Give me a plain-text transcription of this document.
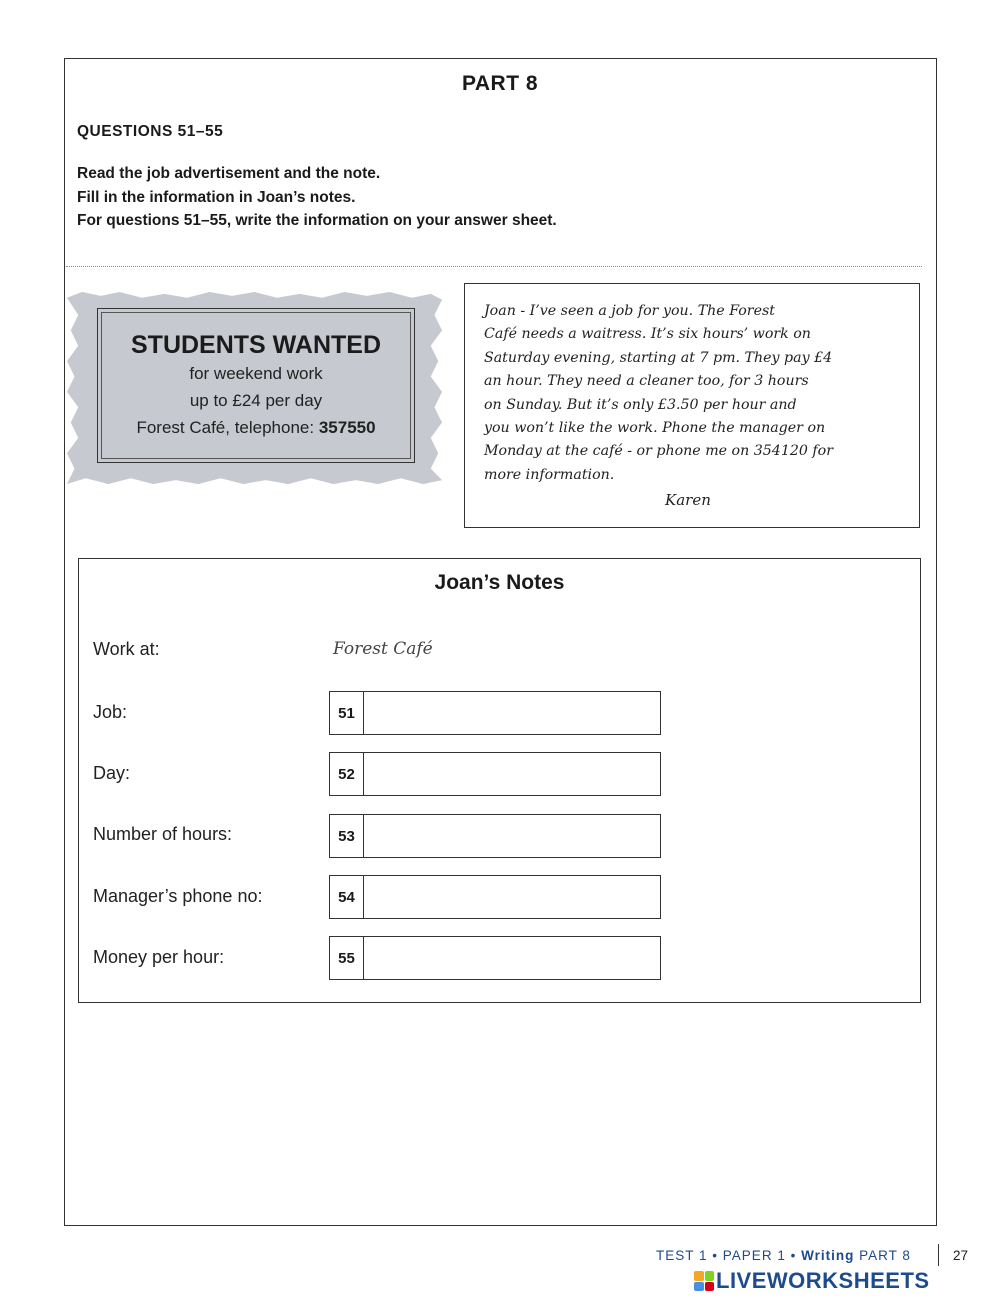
PART 8
QUESTIONS 51–55
Read the job advertisement and the note.
Fill in the information in Joan’s notes.
For questions 51–55, write the information on your answer sheet.
STUDENTS WANTED
for weekend work
up to £24 per day
Forest Café, telephone: 357550
Joan - I’ve seen a job for you. The Forest
Café needs a waitress. It’s six hours’ work on
Saturday evening, starting at 7 pm. They pay £4
an hour. They need a cleaner too, for 3 hours
on Sunday. But it’s only £3.50 per hour and
you won’t like the work. Phone the manager on
Monday at the café - or phone me on 354120 for
more information.
Karen
Joan’s Notes
Work at:	Forest Café
Job:	51
Day:	52
Number of hours:	53
Manager’s phone no:	54
Money per hour:	55
TEST 1 • PAPER 1 • Writing PART 8	27
LIVEWORKSHEETS
